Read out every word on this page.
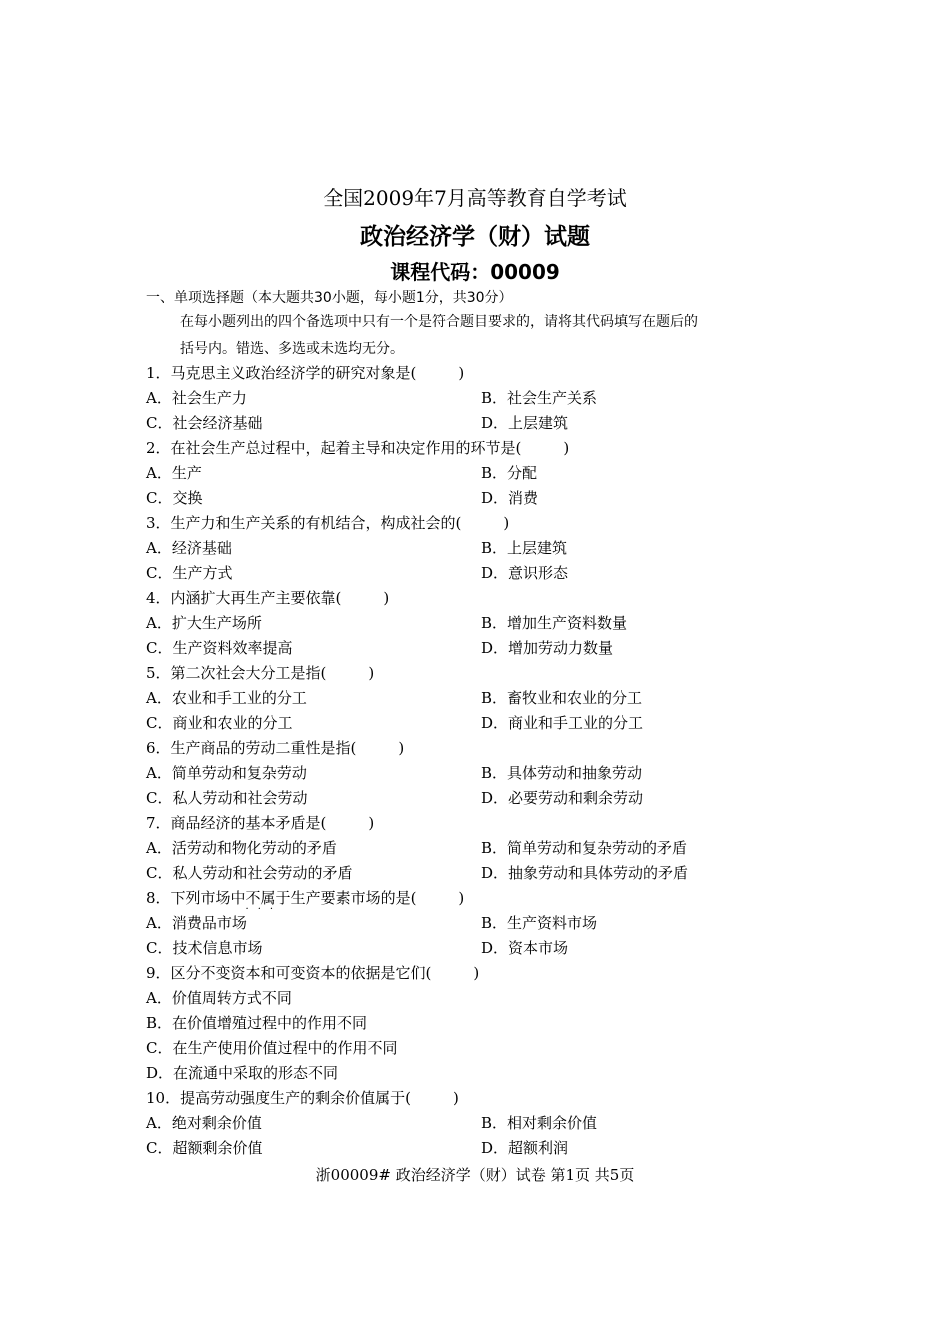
全国2009年7月高等教育自学考试
政治经济学（财）试题
课程代码：00009
一、单项选择题（本大题共30小题，每小题1分，共30分）
在每小题列出的四个备选项中只有一个是符合题目要求的，请将其代码填写在题后的
括号内。错选、多选或未选均无分。
1．马克思主义政治经济学的研究对象是(	)
A．社会生产力	B．社会生产关系
C．社会经济基础	D．上层建筑
2．在社会生产总过程中，起着主导和决定作用的环节是(	)
A．生产	B．分配
C．交换	D．消费
3．生产力和生产关系的有机结合，构成社会的(	)
A．经济基础	B．上层建筑
C．生产方式	D．意识形态
4．内涵扩大再生产主要依靠(	)
A．扩大生产场所	B．增加生产资料数量
C．生产资料效率提高	D．增加劳动力数量
5．第二次社会大分工是指(	)
A．农业和手工业的分工	B．畜牧业和农业的分工
C．商业和农业的分工	D．商业和手工业的分工
6．生产商品的劳动二重性是指(	)
A．简单劳动和复杂劳动	B．具体劳动和抽象劳动
C．私人劳动和社会劳动	D．必要劳动和剩余劳动
7．商品经济的基本矛盾是(	)
A．活劳动和物化劳动的矛盾	B．简单劳动和复杂劳动的矛盾
C．私人劳动和社会劳动的矛盾	D．抽象劳动和具体劳动的矛盾
8．下列市场中不属于
·​·​·
生产要素市场的是(	)
A．消费品市场	B．生产资料市场
C．技术信息市场	D．资本市场
9．区分不变资本和可变资本的依据是它们(	)
A．价值周转方式不同
B．在价值增殖过程中的作用不同
C．在生产使用价值过程中的作用不同
D．在流通中采取的形态不同
10．提高劳动强度生产的剩余价值属于(	)
A．绝对剩余价值	B．相对剩余价值
C．超额剩余价值	D．超额利润
浙00009# 政治经济学（财）试卷 第1页 共5页
